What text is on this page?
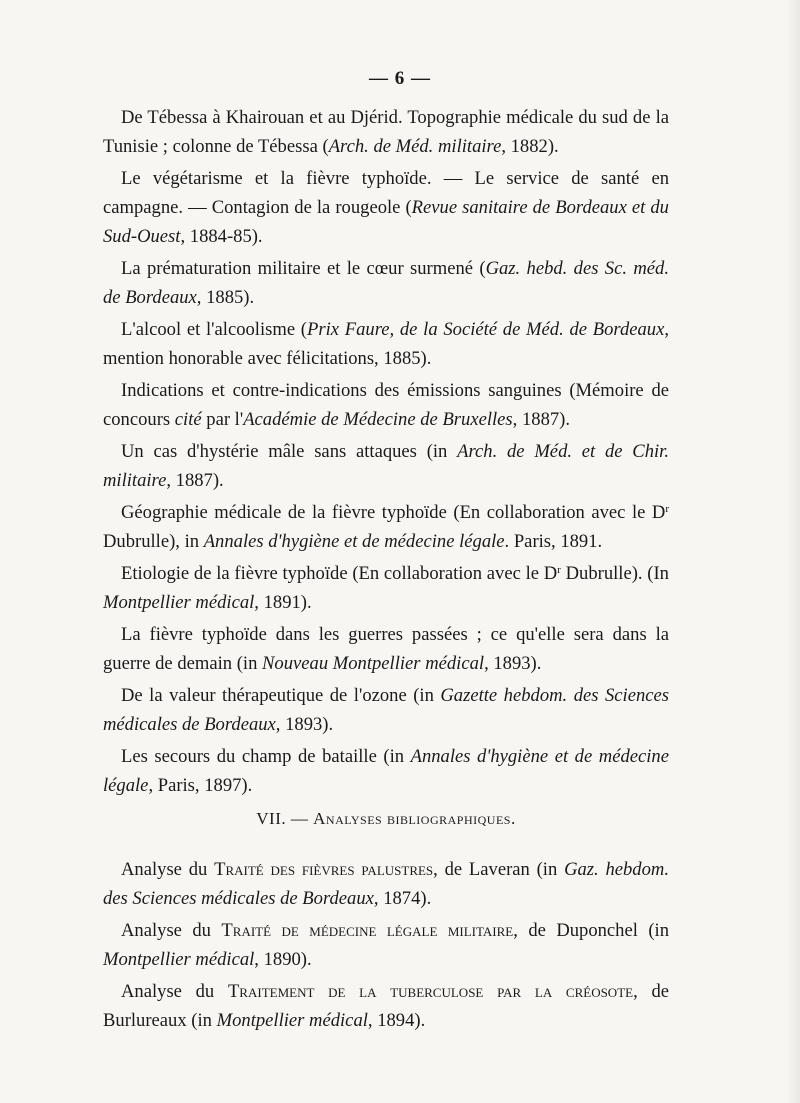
— 6 —

De Tébessa à Khairouan et au Djérid. Topographie médicale du sud de la Tunisie ; colonne de Tébessa (Arch. de Méd. militaire, 1882).

Le végétarisme et la fièvre typhoïde. — Le service de santé en campagne. — Contagion de la rougeole (Revue sanitaire de Bordeaux et du Sud-Ouest, 1884-85).

La prématuration militaire et le cœur surmené (Gaz. hebd. des Sc. méd. de Bordeaux, 1885).

L'alcool et l'alcoolisme (Prix Faure, de la Société de Méd. de Bordeaux, mention honorable avec félicitations, 1885).

Indications et contre-indications des émissions sanguines (Mémoire de concours cité par l'Académie de Médecine de Bruxelles, 1887).

Un cas d'hystérie mâle sans attaques (in Arch. de Méd. et de Chir. militaire, 1887).

Géographie médicale de la fièvre typhoïde (En collaboration avec le $D^r$ Dubrulle), in Annales d'hygiène et de médecine légale. Paris, 1891.

Etiologie de la fièvre typhoïde (En collaboration avec le $D^r$ Dubrulle). (In Montpellier médical, 1891).

La fièvre typhoïde dans les guerres passées ; ce qu'elle sera dans la guerre de demain (in Nouveau Montpellier médical, 1893).

De la valeur thérapeutique de l'ozone (in Gazette hebdom. des Sciences médicales de Bordeaux, 1893).

Les secours du champ de bataille (in Annales d'hygiène et de médecine légale, Paris, 1897).

VII. — Analyses bibliographiques.

Analyse du Traité des fièvres palustres, de Laveran (in Gaz. hebdom. des Sciences médicales de Bordeaux, 1874).

Analyse du Traité de médecine légale militaire, de Duponchel (in Montpellier médical, 1890).

Analyse du Traitement de la tuberculose par la créosote, de Burlureaux (in Montpellier médical, 1894).
